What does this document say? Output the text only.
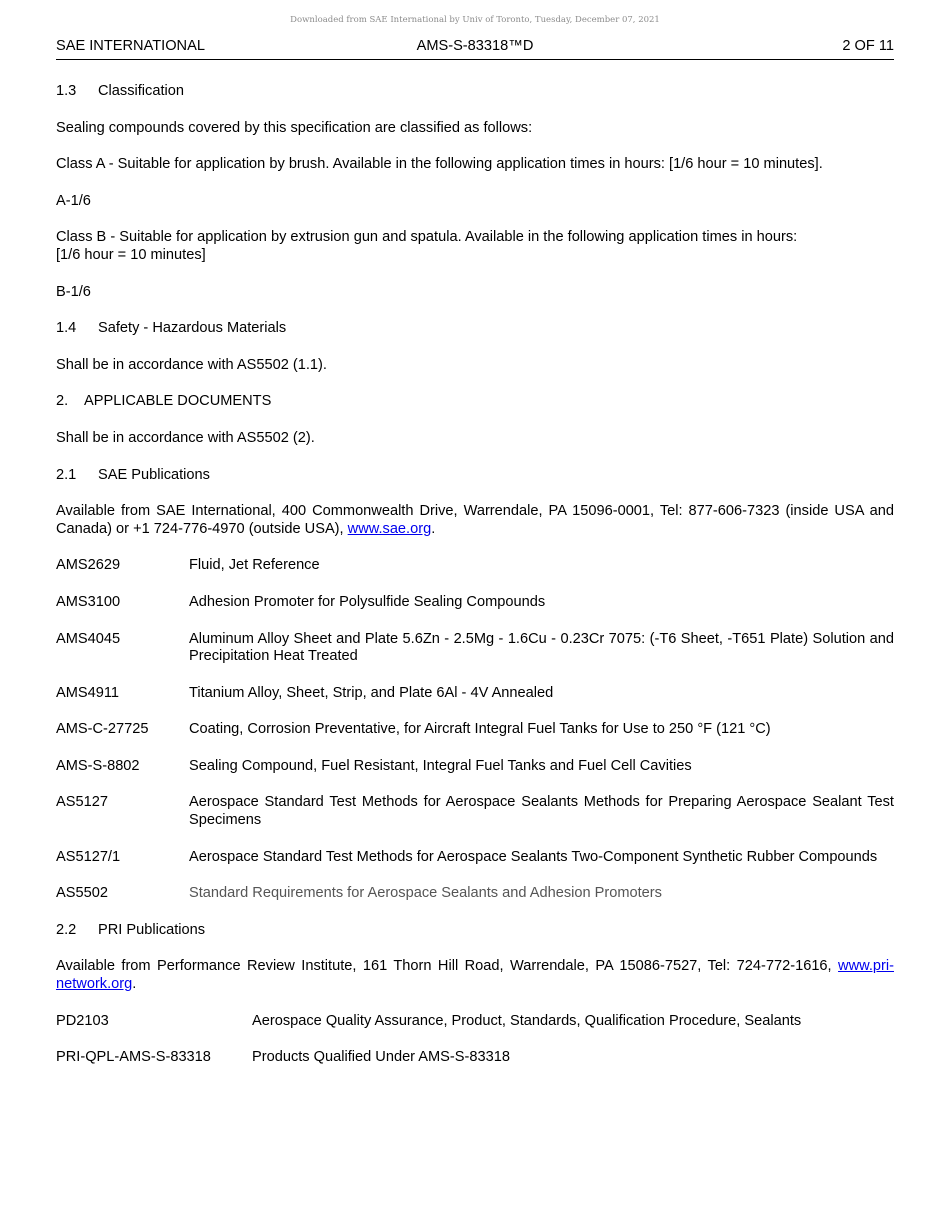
Downloaded from SAE International by Univ of Toronto, Tuesday, December 07, 2021
SAE INTERNATIONAL	AMS-S-83318™D	2 OF 11

1.3 Classification

Sealing compounds covered by this specification are classified as follows:

Class A - Suitable for application by brush. Available in the following application times in hours: [1/6 hour = 10 minutes].

A-1/6

Class B - Suitable for application by extrusion gun and spatula. Available in the following application times in hours:
[1/6 hour = 10 minutes]

B-1/6

1.4 Safety - Hazardous Materials

Shall be in accordance with AS5502 (1.1).

2. APPLICABLE DOCUMENTS

Shall be in accordance with AS5502 (2).

2.1 SAE Publications

Available from SAE International, 400 Commonwealth Drive, Warrendale, PA 15096-0001, Tel: 877-606-7323 (inside USA and Canada) or +1 724-776-4970 (outside USA), www.sae.org.

AMS2629	Fluid, Jet Reference
AMS3100	Adhesion Promoter for Polysulfide Sealing Compounds
AMS4045	Aluminum Alloy Sheet and Plate 5.6Zn - 2.5Mg - 1.6Cu - 0.23Cr 7075: (-T6 Sheet, -T651 Plate) Solution and Precipitation Heat Treated
AMS4911	Titanium Alloy, Sheet, Strip, and Plate 6Al - 4V Annealed
AMS-C-27725	Coating, Corrosion Preventative, for Aircraft Integral Fuel Tanks for Use to 250 °F (121 °C)
AMS-S-8802	Sealing Compound, Fuel Resistant, Integral Fuel Tanks and Fuel Cell Cavities
AS5127	Aerospace Standard Test Methods for Aerospace Sealants Methods for Preparing Aerospace Sealant Test Specimens
AS5127/1	Aerospace Standard Test Methods for Aerospace Sealants Two-Component Synthetic Rubber Compounds
AS5502	Standard Requirements for Aerospace Sealants and Adhesion Promoters

2.2 PRI Publications

Available from Performance Review Institute, 161 Thorn Hill Road, Warrendale, PA 15086-7527, Tel: 724-772-1616, www.pri-network.org.

PD2103	Aerospace Quality Assurance, Product, Standards, Qualification Procedure, Sealants
PRI-QPL-AMS-S-83318	Products Qualified Under AMS-S-83318
